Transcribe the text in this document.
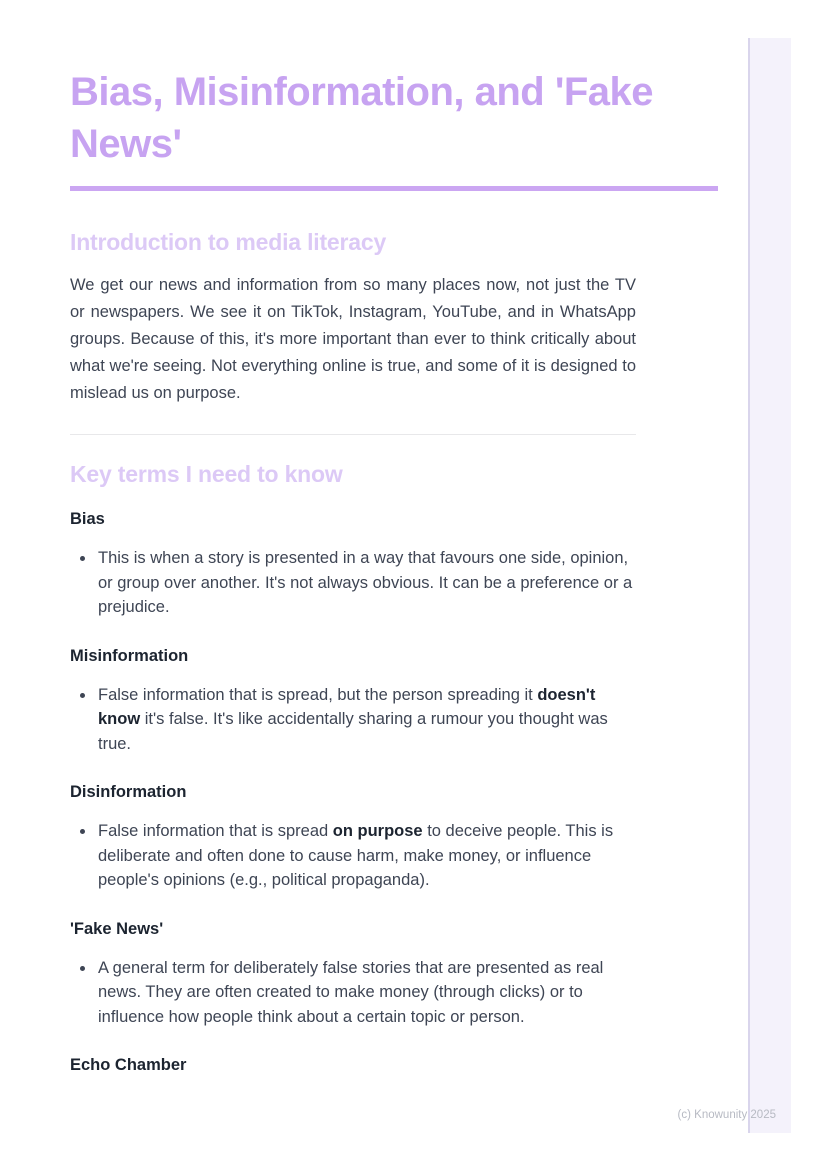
Bias, Misinformation, and 'Fake News'
Introduction to media literacy

We get our news and information from so many places now, not just the TV or newspapers. We see it on TikTok, Instagram, YouTube, and in WhatsApp groups. Because of this, it's more important than ever to think critically about what we're seeing. Not everything online is true, and some of it is designed to mislead us on purpose.

Key terms I need to know
Bias
• This is when a story is presented in a way that favours one side, opinion, or group over another. It's not always obvious. It can be a preference or a prejudice.
Misinformation
• False information that is spread, but the person spreading it doesn't know it's false. It's like accidentally sharing a rumour you thought was true.
Disinformation
• False information that is spread on purpose to deceive people. This is deliberate and often done to cause harm, make money, or influence people's opinions (e.g., political propaganda).
'Fake News'
• A general term for deliberately false stories that are presented as real news. They are often created to make money (through clicks) or to influence how people think about a certain topic or person.
Echo Chamber
(c) Knowunity 2025
